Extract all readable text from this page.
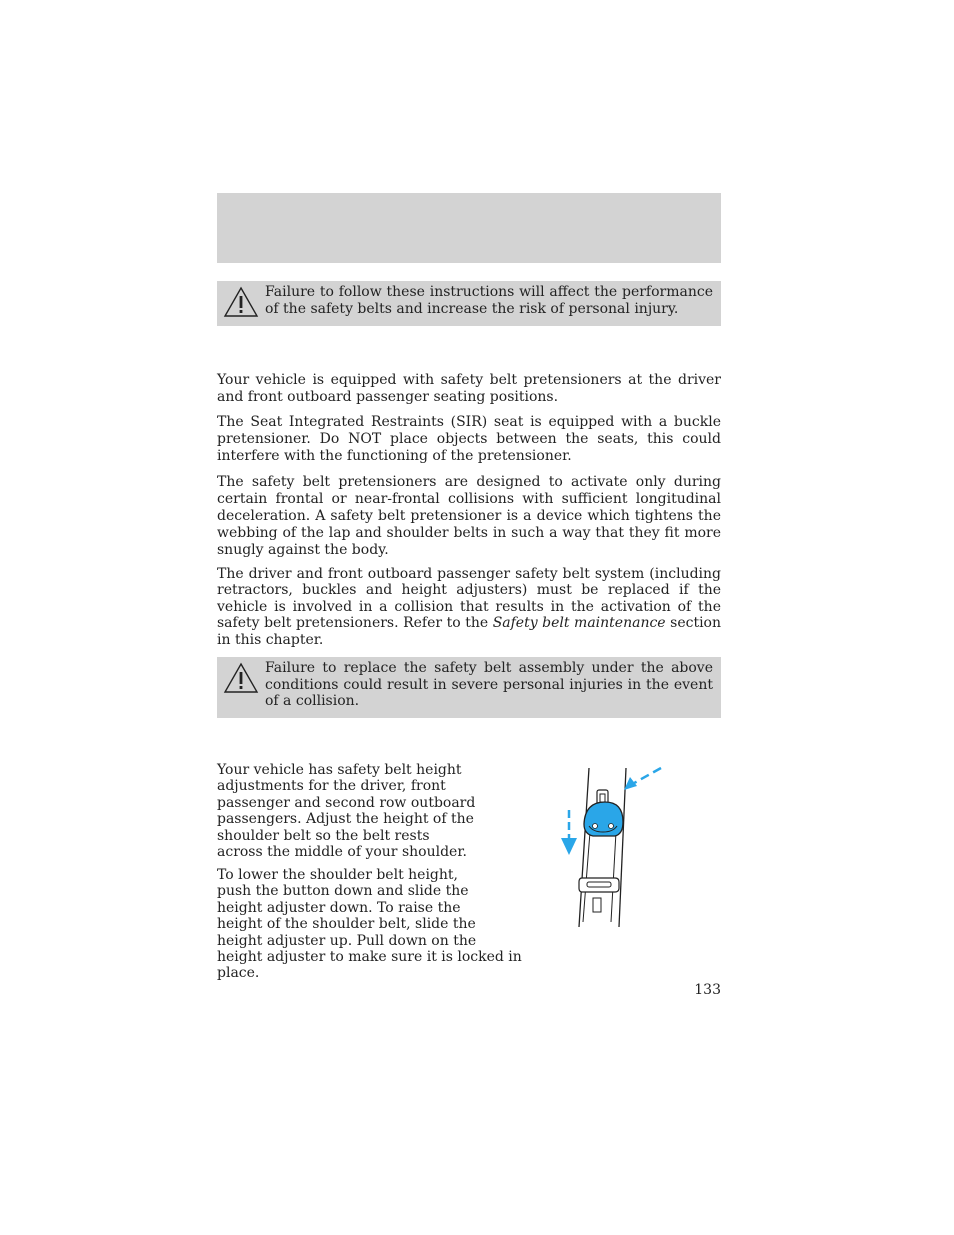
Failure to follow these instructions will affect the performance of the safety belts and increase the risk of personal injury.

Your vehicle is equipped with safety belt pretensioners at the driver and front outboard passenger seating positions.

The Seat Integrated Restraints (SIR) seat is equipped with a buckle pretensioner. Do NOT place objects between the seats, this could interfere with the functioning of the pretensioner.

The safety belt pretensioners are designed to activate only during certain frontal or near-frontal collisions with sufficient longitudinal deceleration. A safety belt pretensioner is a device which tightens the webbing of the lap and shoulder belts in such a way that they fit more snugly against the body.

The driver and front outboard passenger safety belt system (including retractors, buckles and height adjusters) must be replaced if the vehicle is involved in a collision that results in the activation of the safety belt pretensioners. Refer to the Safety belt maintenance section in this chapter.

Failure to replace the safety belt assembly under the above conditions could result in severe personal injuries in the event of a collision.
Your vehicle has safety belt height
adjustments for the driver, front
passenger and second row outboard
passengers. Adjust the height of the
shoulder belt so the belt rests
across the middle of your shoulder.
To lower the shoulder belt height,
push the button down and slide the
height adjuster down. To raise the
height of the shoulder belt, slide the
height adjuster up. Pull down on the
height adjuster to make sure it is locked in place.
133
